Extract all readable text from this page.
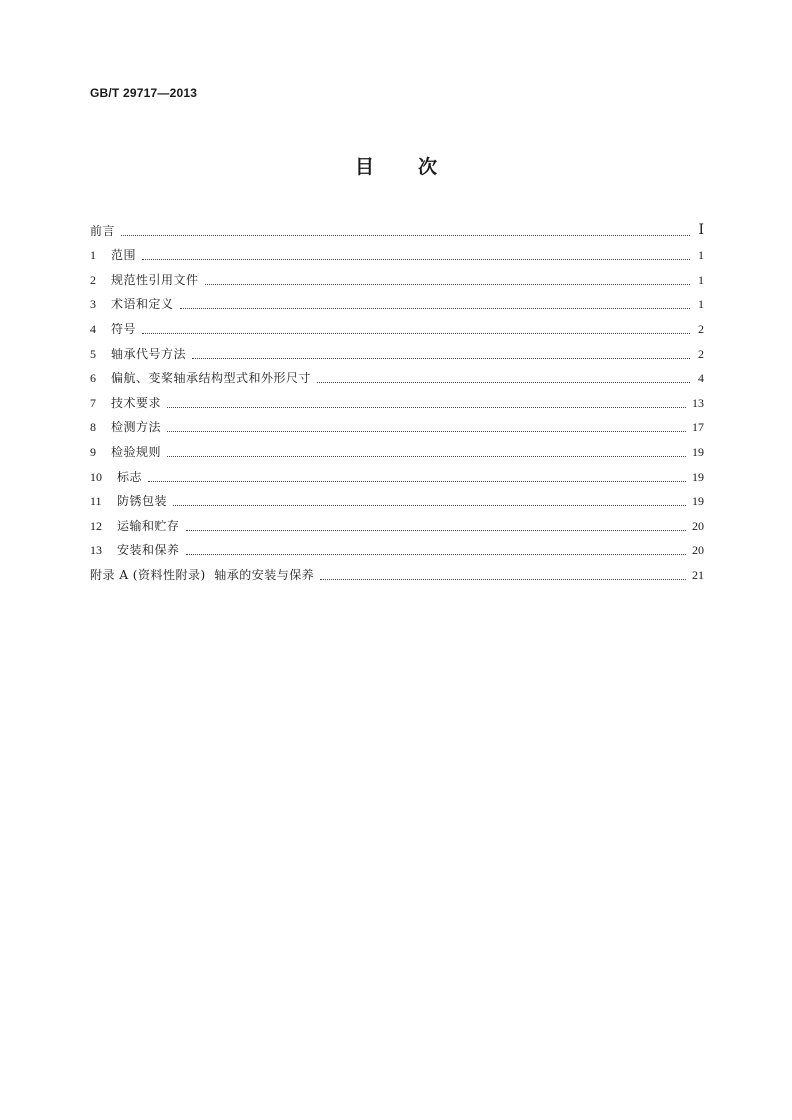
GB/T 29717—2013
目 次
前言	Ⅰ
1	范围	1
2	规范性引用文件	1
3	术语和定义	1
4	符号	2
5	轴承代号方法	2
6	偏航、变桨轴承结构型式和外形尺寸	4
7	技术要求	13
8	检测方法	17
9	检验规则	19
10	标志	19
11	防锈包装	19
12	运输和贮存	20
13	安装和保养	20
附录 A (资料性附录)  轴承的安装与保养	21
